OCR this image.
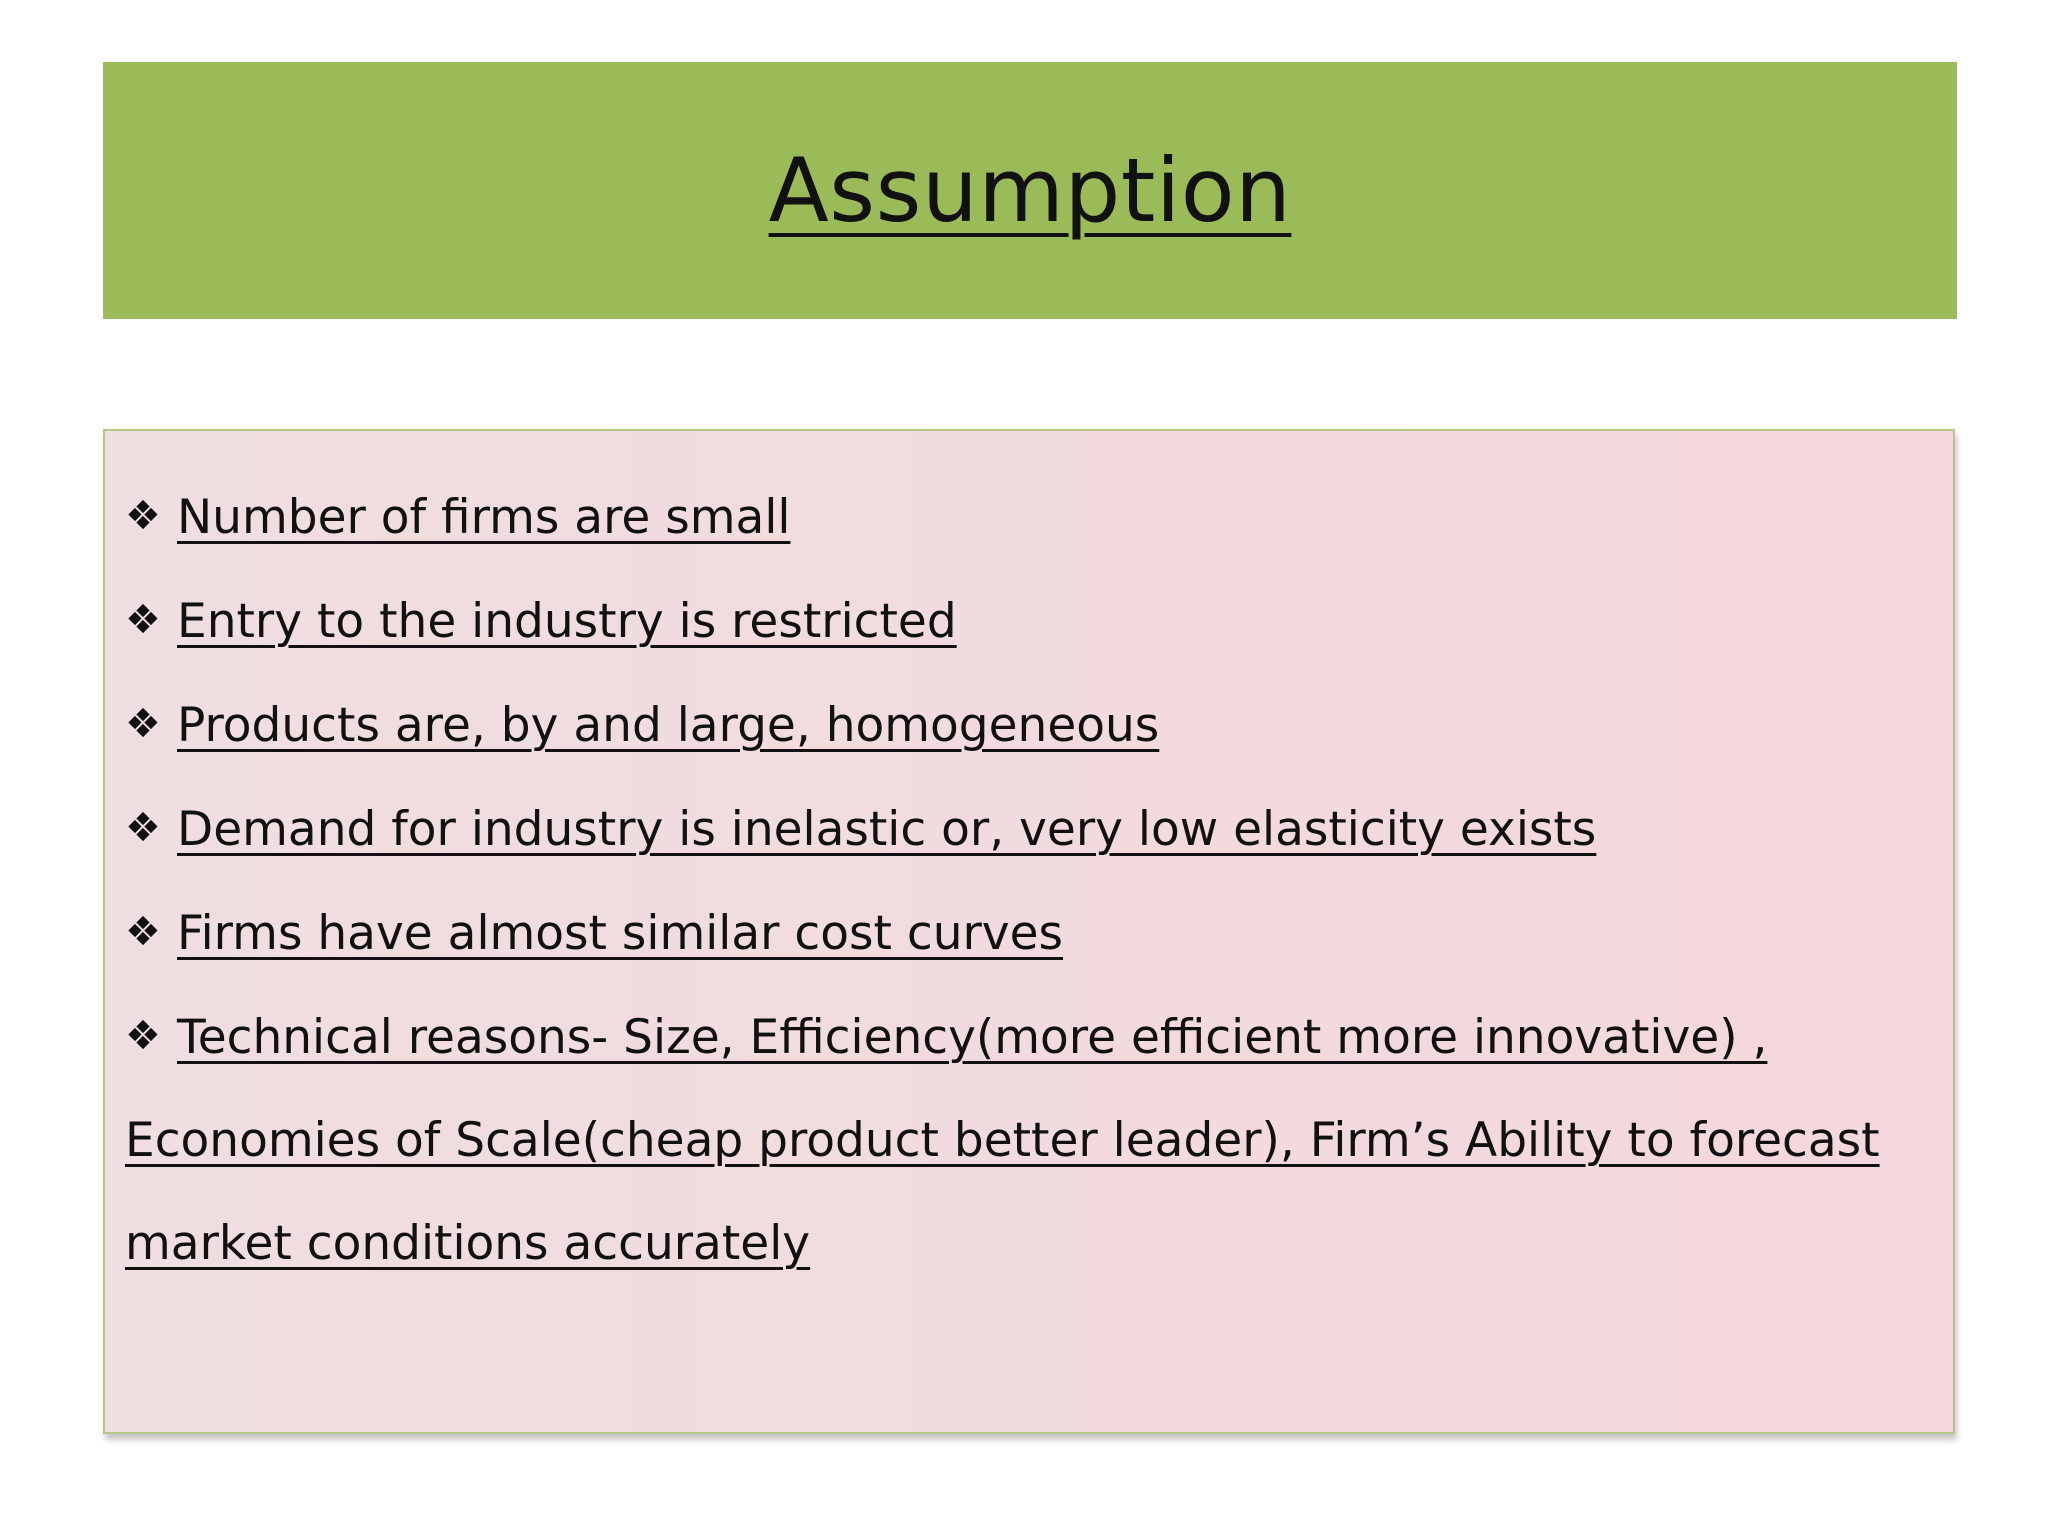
Assumption
❖ Number of firms are small
❖ Entry to the industry is restricted
❖ Products are, by and large, homogeneous
❖ Demand for industry is inelastic or, very low elasticity exists
❖ Firms have almost similar cost curves
❖ Technical reasons- Size, Efficiency(more efficient more innovative) ,
Economies of Scale(cheap product better leader), Firm’s Ability to forecast
market conditions accurately
